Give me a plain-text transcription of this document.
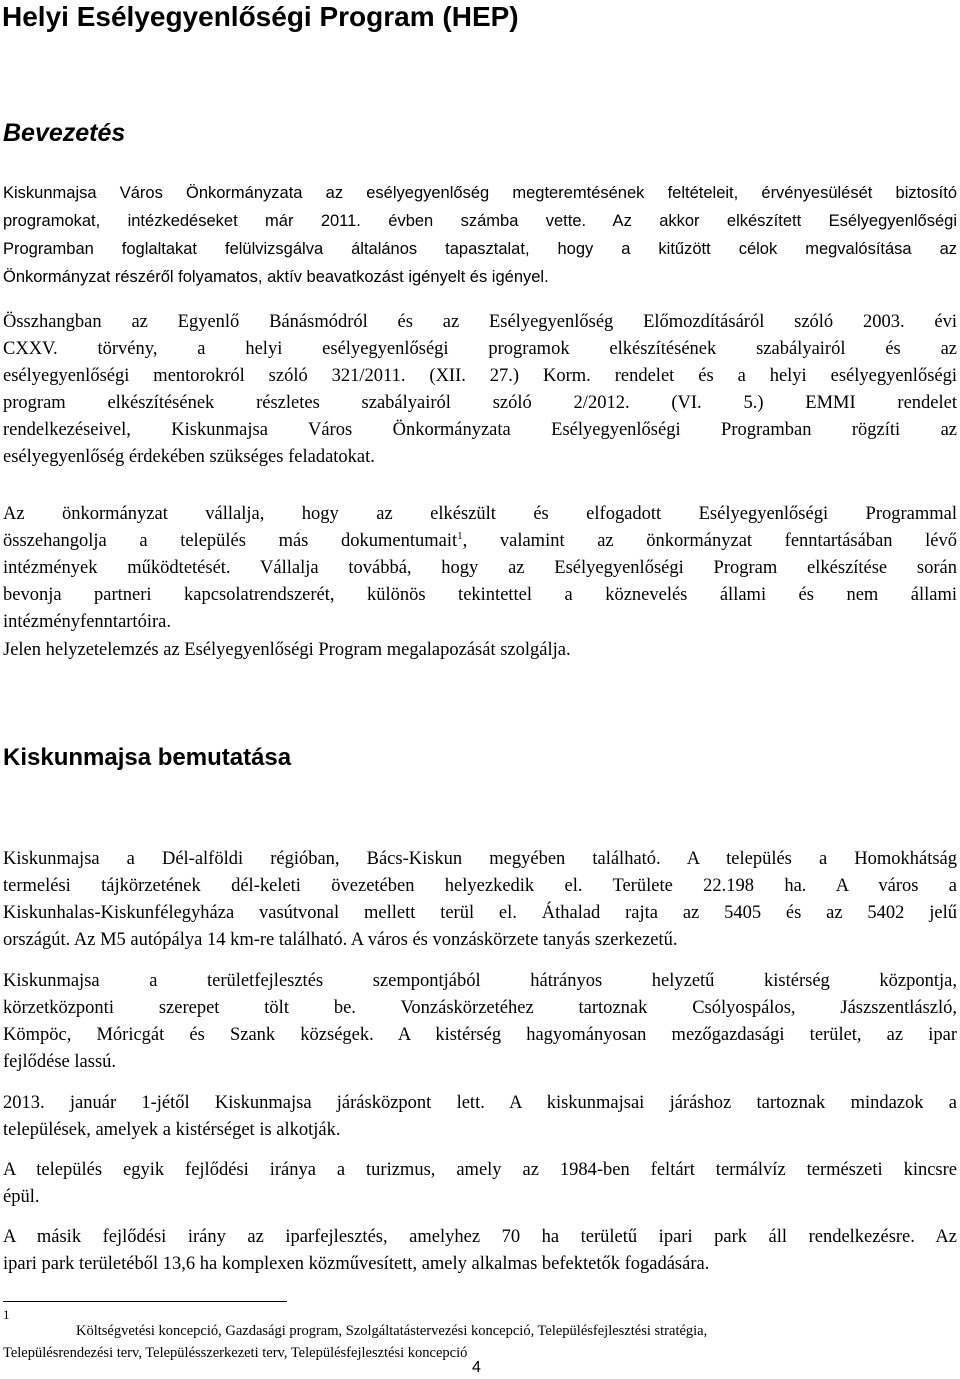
Helyi Esélyegyenlőségi Program (HEP)
Bevezetés
Kiskunmajsa Város Önkormányzata az esélyegyenlőség megteremtésének feltételeit, érvényesülését biztosító
programokat, intézkedéseket már 2011. évben számba vette. Az akkor elkészített Esélyegyenlőségi
Programban foglaltakat felülvizsgálva általános tapasztalat, hogy a kitűzött célok megvalósítása az
Önkormányzat részéről folyamatos, aktív beavatkozást igényelt és igényel.
Összhangban az Egyenlő Bánásmódról és az Esélyegyenlőség Előmozdításáról szóló 2003. évi
CXXV. törvény, a helyi esélyegyenlőségi programok elkészítésének szabályairól és az
esélyegyenlőségi mentorokról szóló 321/2011. (XII. 27.) Korm. rendelet és a helyi esélyegyenlőségi
program elkészítésének részletes szabályairól szóló 2/2012. (VI. 5.) EMMI rendelet
rendelkezéseivel, Kiskunmajsa Város Önkormányzata Esélyegyenlőségi Programban rögzíti az
esélyegyenlőség érdekében szükséges feladatokat.
Az önkormányzat vállalja, hogy az elkészült és elfogadott Esélyegyenlőségi Programmal
összehangolja a település más dokumentumait$^1$, valamint az önkormányzat fenntartásában lévő
intézmények működtetését. Vállalja továbbá, hogy az Esélyegyenlőségi Program elkészítése során
bevonja partneri kapcsolatrendszerét, különös tekintettel a köznevelés állami és nem állami
intézményfenntartóira.
Jelen helyzetelemzés az Esélyegyenlőségi Program megalapozását szolgálja.
Kiskunmajsa bemutatása
Kiskunmajsa a Dél-alföldi régióban, Bács-Kiskun megyében található. A település a Homokhátság
termelési tájkörzetének dél-keleti övezetében helyezkedik el. Területe 22.198 ha. A város a
Kiskunhalas-Kiskunfélegyháza vasútvonal mellett terül el. Áthalad rajta az 5405 és az 5402 jelű
országút. Az M5 autópálya 14 km-re található. A város és vonzáskörzete tanyás szerkezetű.
Kiskunmajsa a területfejlesztés szempontjából hátrányos helyzetű kistérség központja,
körzetközponti szerepet tölt be. Vonzáskörzetéhez tartoznak Csólyospálos, Jászszentlászló,
Kömpöc, Móricgát és Szank községek. A kistérség hagyományosan mezőgazdasági terület, az ipar
fejlődése lassú.
2013. január 1-jétől Kiskunmajsa járásközpont lett. A kiskunmajsai járáshoz tartoznak mindazok a
települések, amelyek a kistérséget is alkotják.
A település egyik fejlődési iránya a turizmus, amely az 1984-ben feltárt termálvíz természeti kincsre
épül.
A másik fejlődési irány az iparfejlesztés, amelyhez 70 ha területű ipari park áll rendelkezésre. Az
ipari park területéből 13,6 ha komplexen közművesített, amely alkalmas befektetők fogadására.
1
Költségvetési koncepció, Gazdasági program, Szolgáltatástervezési koncepció, Településfejlesztési stratégia,
Településrendezési terv, Településszerkezeti terv, Településfejlesztési koncepció
4
